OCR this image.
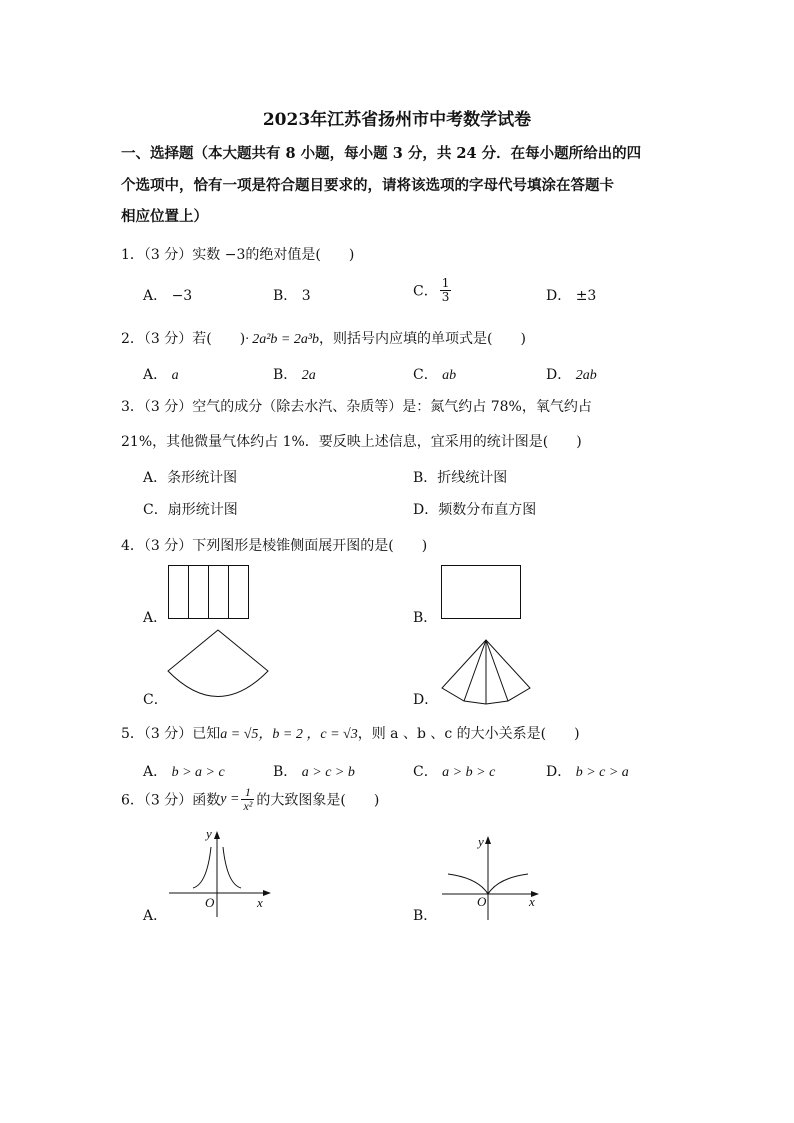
2023年江苏省扬州市中考数学试卷
一、选择题（本大题共有 8 小题，每小题 3 分，共 24 分．在每小题所给出的四
个选项中，恰有一项是符合题目要求的，请将该选项的字母代号填涂在答题卡
相应位置上）
1．（3 分）实数 −3的绝对值是(　　)
A． −3	B． 3	C． $\frac{1}{3}$	D． ±3
2．（3 分）若(　　)· 2a²b = 2a³b，则括号内应填的单项式是(　　)
A． a	B． 2a	C． ab	D． 2ab
3．（3 分）空气的成分（除去水汽、杂质等）是：氮气约占 78%，氧气约占
21%，其他微量气体约占 1%．要反映上述信息，宜采用的统计图是(　　)
A．条形统计图	B．折线统计图
C．扇形统计图	D．频数分布直方图
4．（3 分）下列图形是棱锥侧面展开图的是(　　)
A．	B．
C．	D．
5．（3 分）已知a = √5，b = 2 ，c = √3，则 a 、b 、c 的大小关系是(　　)
A． b > a > c	B． a > c > b	C． a > b > c	D． b > c > a
6．（3 分）函数$y = \frac{1}{\text{x²}}$ 的大致图象是(　　)
A．
y
x
O
B．
y
x
O
